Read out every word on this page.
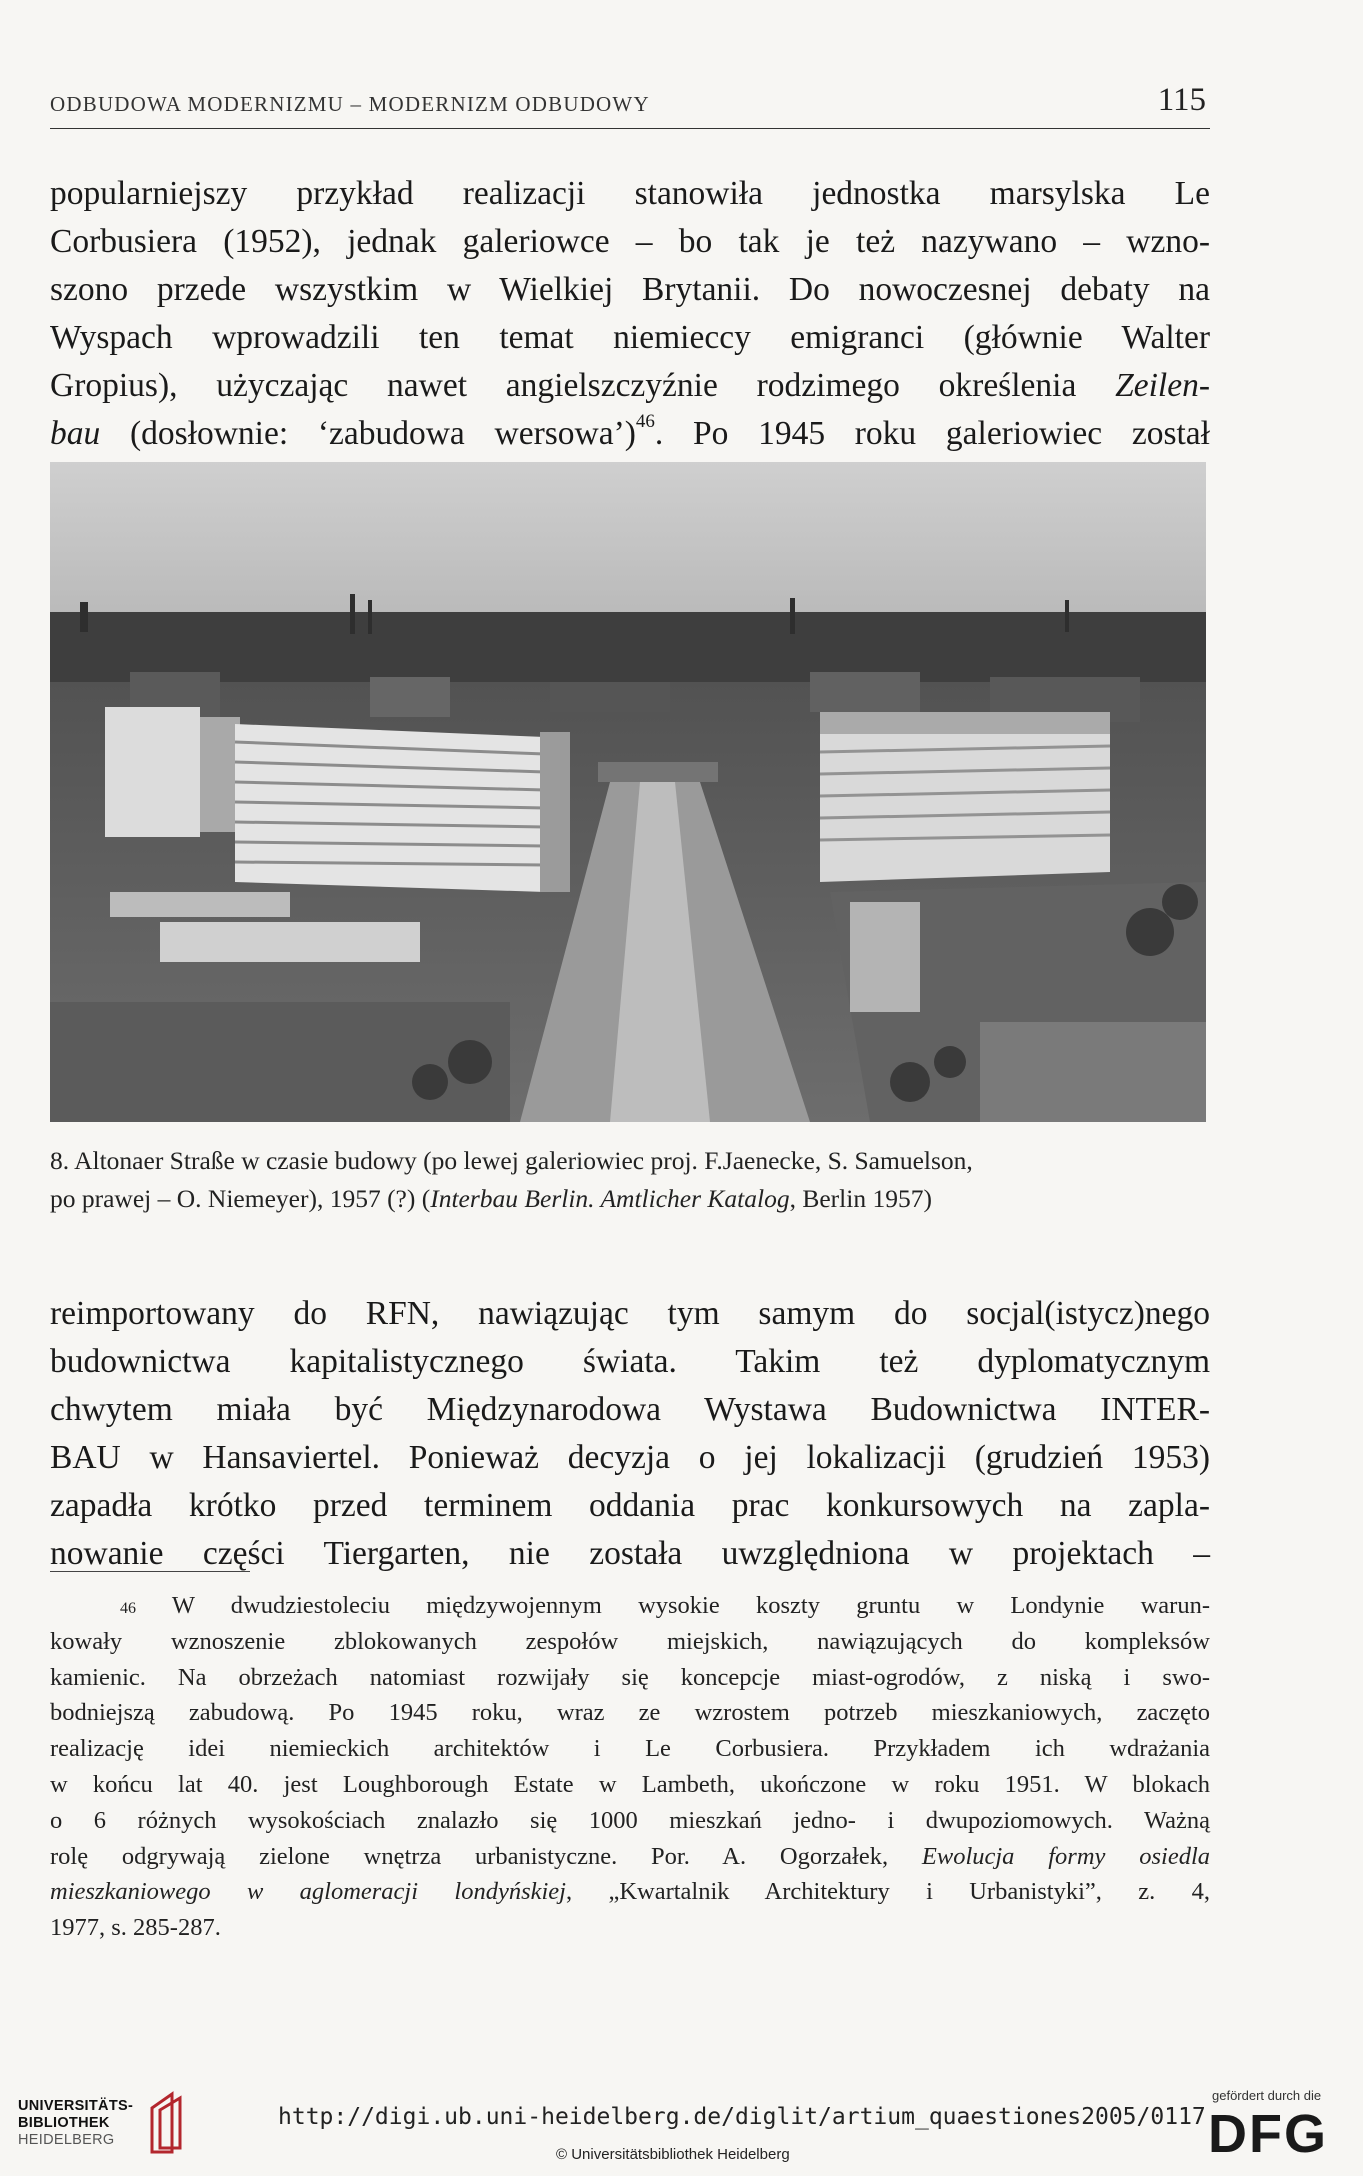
ODBUDOWA MODERNIZMU – MODERNIZM ODBUDOWY	115
popularniejszy przykład realizacji stanowiła jednostka marsylska Le
Corbusiera (1952), jednak galeriowce – bo tak je też nazywano – wzno-
szono przede wszystkim w Wielkiej Brytanii. Do nowoczesnej debaty na
Wyspach wprowadzili ten temat niemieccy emigranci (głównie Walter
Gropius), użyczając nawet angielszczyźnie rodzimego określenia Zeilen-
bau (dosłownie: ‘zabudowa wersowa’)$^{46}$. Po 1945 roku galeriowiec został
8. Altonaer Straße w czasie budowy (po lewej galeriowiec proj. F.Jaenecke, S. Samuelson,
po prawej – O. Niemeyer), 1957 (?) (Interbau Berlin. Amtlicher Katalog, Berlin 1957)
reimportowany do RFN, nawiązując tym samym do socjal(istycz)nego
budownictwa kapitalistycznego świata. Takim też dyplomatycznym
chwytem miała być Międzynarodowa Wystawa Budownictwa INTER-
BAU w Hansaviertel. Ponieważ decyzja o jej lokalizacji (grudzień 1953)
zapadła krótko przed terminem oddania prac konkursowych na zapla-
nowanie części Tiergarten, nie została uwzględniona w projektach –
$^{46}$ W dwudziestoleciu międzywojennym wysokie koszty gruntu w Londynie warun-
kowały wznoszenie zblokowanych zespołów miejskich, nawiązujących do kompleksów
kamienic. Na obrzeżach natomiast rozwijały się koncepcje miast-ogrodów, z niską i swo-
bodniejszą zabudową. Po 1945 roku, wraz ze wzrostem potrzeb mieszkaniowych, zaczęto
realizację idei niemieckich architektów i Le Corbusiera. Przykładem ich wdrażania
w końcu lat 40. jest Loughborough Estate w Lambeth, ukończone w roku 1951. W blokach
o 6 różnych wysokościach znalazło się 1000 mieszkań jedno- i dwupoziomowych. Ważną
rolę odgrywają zielone wnętrza urbanistyczne. Por. A. Ogorzałek, Ewolucja formy osiedla
mieszkaniowego w aglomeracji londyńskiej, „Kwartalnik Architektury i Urbanistyki”, z. 4,
1977, s. 285-287.
UNIVERSITÄTS-
BIBLIOTHEK
HEIDELBERG
http://digi.ub.uni-heidelberg.de/diglit/artium_quaestiones2005/0117
© Universitätsbibliothek Heidelberg
gefördert durch die
DFG
